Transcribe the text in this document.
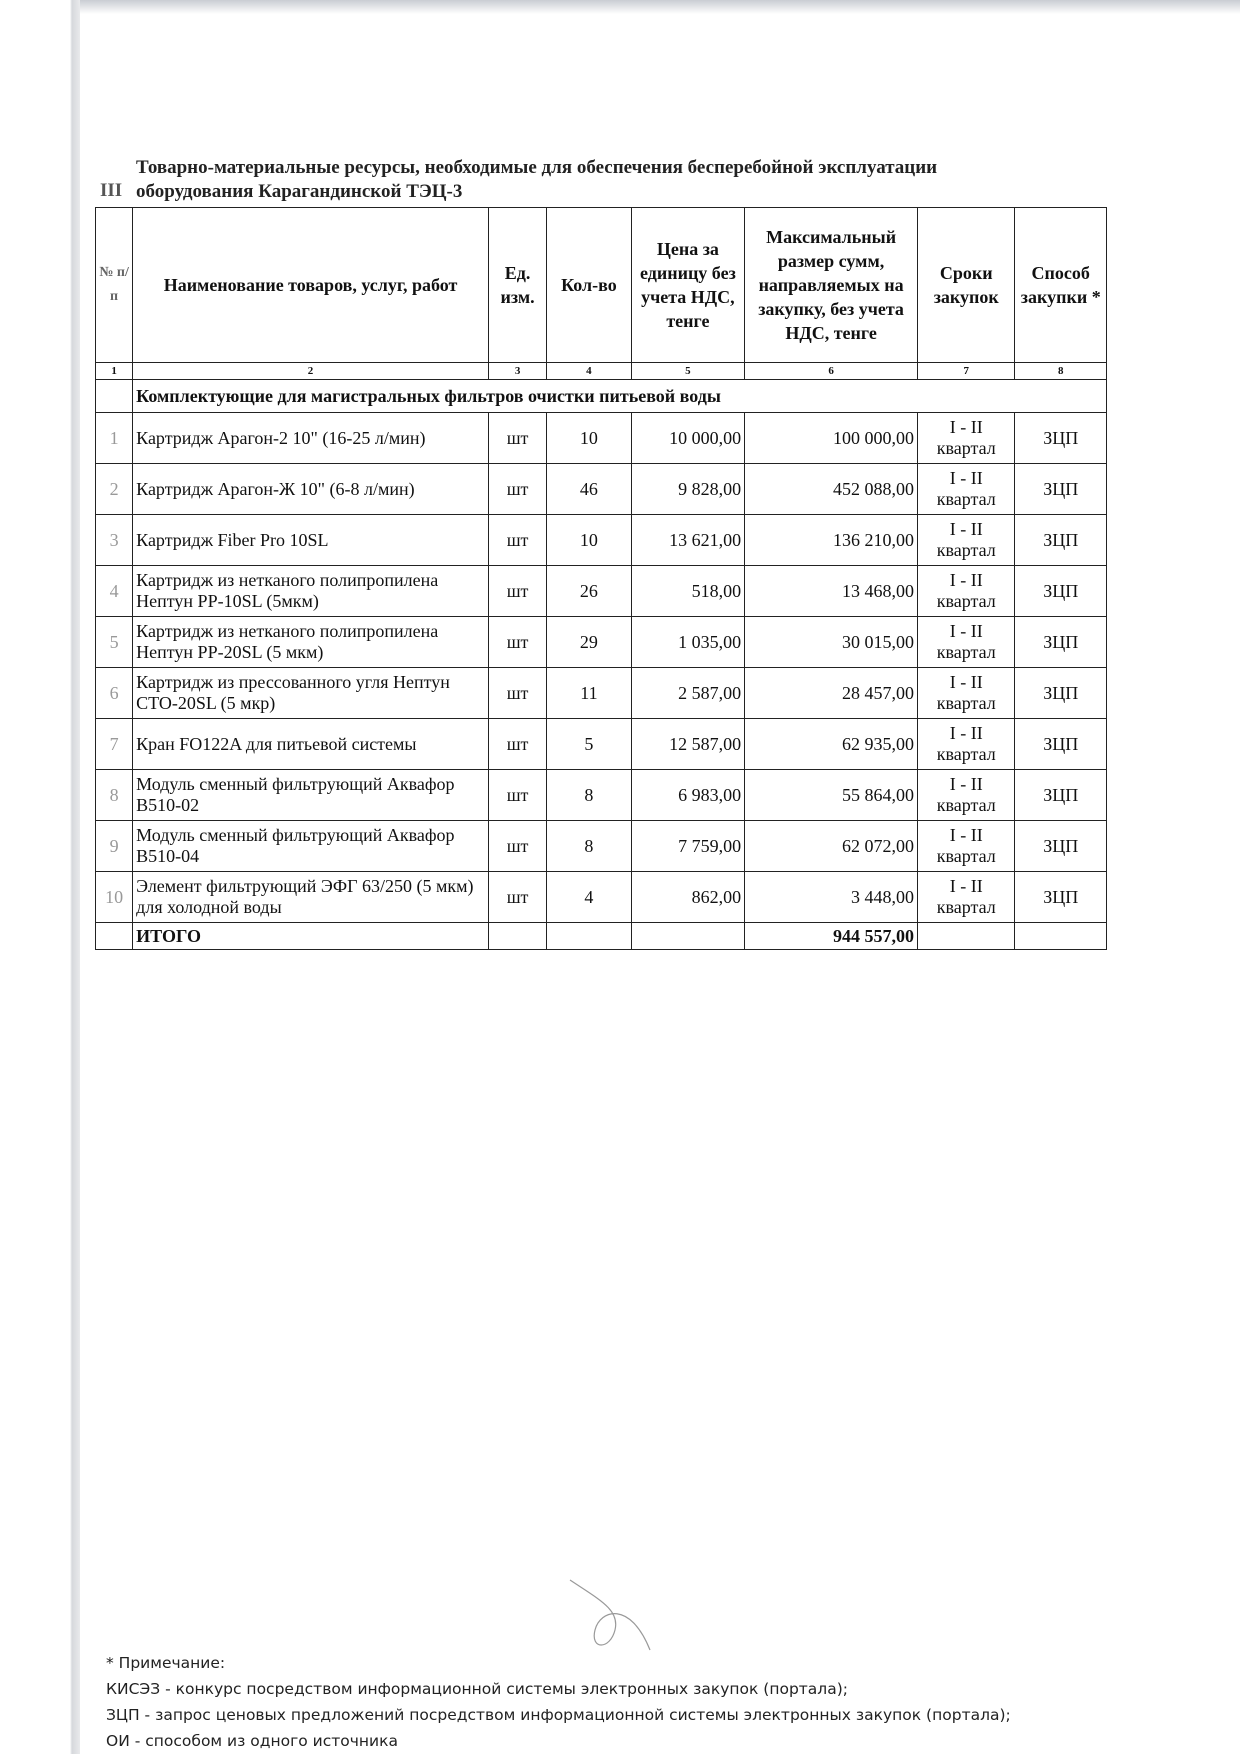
III
Товарно-материальные ресурсы, необходимые для обеспечения бесперебойной эксплуатации оборудования Карагандинской ТЭЦ-3
№ п/п	Наименование товаров, услуг, работ	Ед. изм.	Кол-во	Цена за единицу без учета НДС, тенге	Максимальный размер сумм, направляемых на закупку, без учета НДС, тенге	Сроки закупок	Способ закупки *
1	2	3	4	5	6	7	8
	Комплектующие для магистральных фильтров очистки питьевой воды						
1	Картридж Арагон-2 10" (16-25 л/мин)	шт	10	10 000,00	100 000,00	I - II квартал	ЗЦП
2	Картридж Арагон-Ж 10" (6-8 л/мин)	шт	46	9 828,00	452 088,00	I - II квартал	ЗЦП
3	Картридж Fiber Pro 10SL	шт	10	13 621,00	136 210,00	I - II квартал	ЗЦП
4	Картридж из нетканого полипропилена Нептун PP-10SL (5мкм)	шт	26	518,00	13 468,00	I - II квартал	ЗЦП
5	Картридж из нетканого полипропилена Нептун PP-20SL (5 мкм)	шт	29	1 035,00	30 015,00	I - II квартал	ЗЦП
6	Картридж из прессованного угля Нептун CTO-20SL (5 мкр)	шт	11	2 587,00	28 457,00	I - II квартал	ЗЦП
7	Кран FO122A для питьевой системы	шт	5	12 587,00	62 935,00	I - II квартал	ЗЦП
8	Модуль сменный фильтрующий Аквафор В510-02	шт	8	6 983,00	55 864,00	I - II квартал	ЗЦП
9	Модуль сменный фильтрующий Аквафор В510-04	шт	8	7 759,00	62 072,00	I - II квартал	ЗЦП
10	Элемент фильтрующий ЭФГ 63/250 (5 мкм) для холодной воды	шт	4	862,00	3 448,00	I - II квартал	ЗЦП
	ИТОГО				944 557,00		
* Примечание:
КИСЭЗ - конкурс посредством информационной системы электронных закупок (портала);
ЗЦП - запрос ценовых предложений посредством информационной системы электронных закупок (портала);
ОИ - способом из одного источника
